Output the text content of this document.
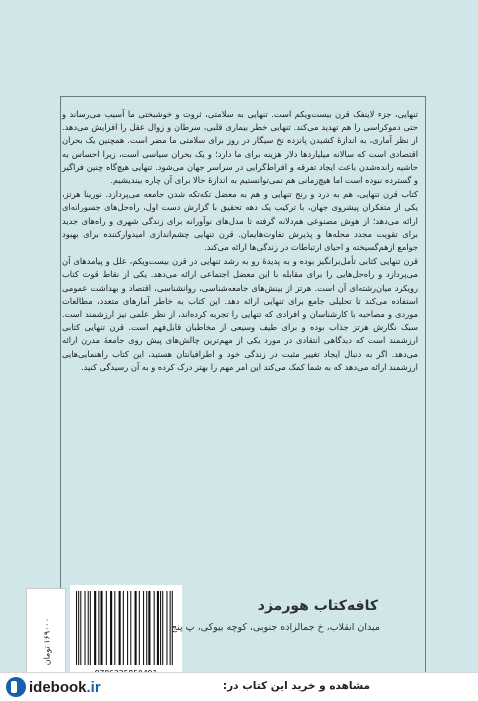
تنهایی، جزء لاینفک قرن بیست‌ویکم است. تنهایی به سلامتی، ثروت و خوشبختی ما آسیب می‌رساند و حتی دموکراسی را هم تهدید می‌کند. تنهایی خطر بیماری قلبی، سرطان و زوال عقل را افزایش می‌دهد. از نظر آماری، به اندازهٔ کشیدن پانزده نخ سیگار در روز برای سلامتی ما مضر است. همچنین یک بحران اقتصادی است که سالانه میلیاردها دلار هزینه برای ما دارد؛ و یک بحران سیاسی است، زیرا احساس به حاشیه رانده‌شدن باعث ایجاد تفرقه و افراط‌گرایی در سراسر جهان می‌شود. تنهایی هیچ‌گاه چنین فراگیر و گسترده نبوده است اما هیچ‌زمانی هم نمی‌توانستیم به اندازهٔ حالا برای آن چاره بیندیشیم.

کتاب قرن تنهایی، هم به درد و رنج تنهایی و هم به معضل تکه‌تکه شدن جامعه می‌پردازد. نورینا هرتز، یکی از متفکران پیشروی جهان، با ترکیب یک دهه تحقیق با گزارش دست اول، راه‌حل‌های جسورانه‌ای ارائه می‌دهد؛ از هوش مصنوعی هم‌دلانه گرفته تا مدل‌های نوآورانه برای زندگی شهری و راه‌های جدید برای تقویت مجدد محله‌ها و پذیرش تفاوت‌هایمان. قرن تنهایی چشم‌اندازی امیدوارکننده برای بهبود جوامع ازهم‌گسیخته و احیای ارتباطات در زندگی‌ها ارائه می‌کند.

قرن تنهایی کتابی تأمل‌برانگیز بوده و به پدیدهٔ رو به رشد تنهایی در قرن بیست‌ویکم، علل و پیامدهای آن می‌پردازد و راه‌حل‌هایی را برای مقابله با این معضل اجتماعی ارائه می‌دهد. یکی از نقاط قوت کتاب رویکرد میان‌رشته‌ای آن است. هرتز از بینش‌های جامعه‌شناسی، روانشناسی، اقتصاد و بهداشت عمومی استفاده می‌کند تا تحلیلی جامع برای تنهایی ارائه دهد. این کتاب به خاطر آمارهای متعدد، مطالعات موردی و مصاحبه با کارشناسان و افرادی که تنهایی را تجربه کرده‌اند، از نظر علمی نیز ارزشمند است. سبک نگارش هرتز جذاب بوده و برای طیف وسیعی از مخاطبان قابل‌فهم است. قرن تنهایی کتابی ارزشمند است که دیدگاهی انتقادی در مورد یکی از مهم‌ترین چالش‌های پیش روی جامعهٔ مدرن ارائه می‌دهد. اگر به دنبال ایجاد تغییر مثبت در زندگی خود و اطرافیانتان هستید، این کتاب راهنمایی‌هایی ارزشمند ارائه می‌دهد که به شما کمک می‌کند این امر مهم را بهتر درک کرده و به آن رسیدگی کنید.

۱۶۹۰۰۰ تومان
کافه‌کتاب هورمزد
میدان انقلاب، خ جمالزاده جنوبی، کوچه بیوکی، پ پنج
مشاهده و خرید این کتاب در:
idebook.ir
